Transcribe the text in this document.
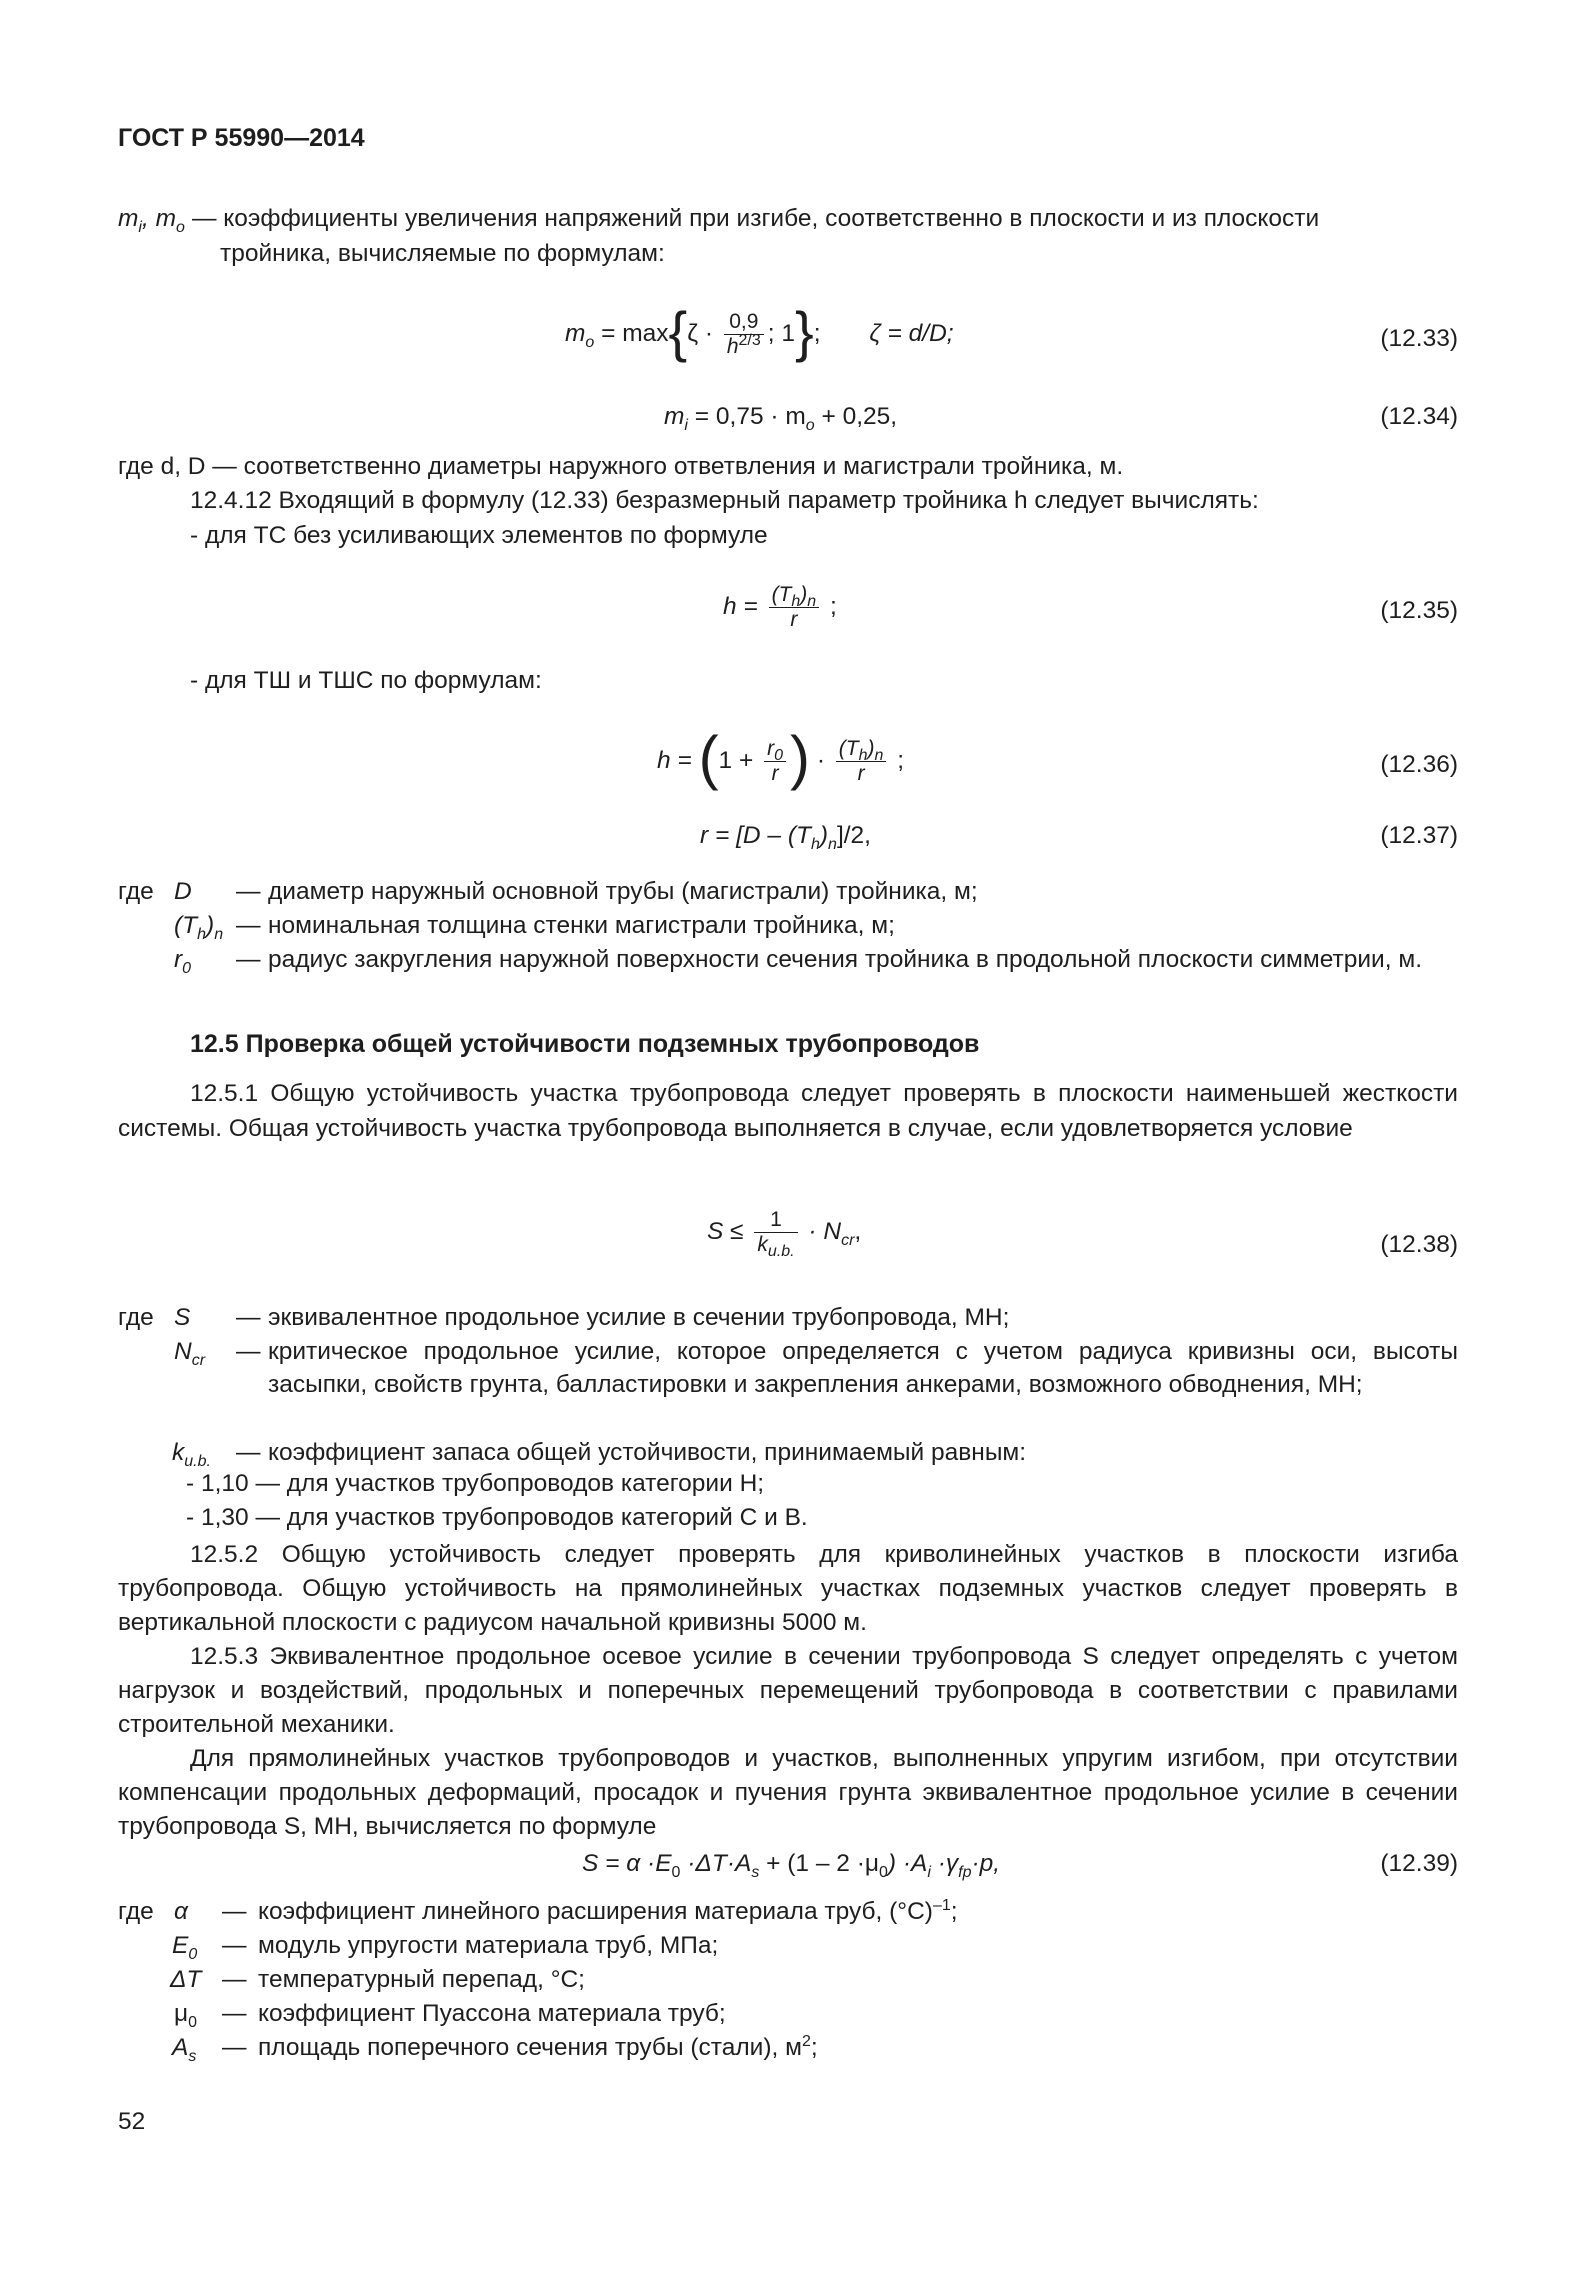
ГОСТ Р 55990—2014
$m_i$, $m_o$ — коэффициенты увеличения напряжений при изгибе, соответственно в плоскости и из плоскости
тройника, вычисляемые по формулам:
$m_o = \max\{\zeta \cdot \frac{0,9}{h^{2/3}}$ ; 1}; ζ = d/D;	(12.33)
$m_i = 0,75 \cdot m_o + 0,25$,	(12.34)
где d, D — соответственно диаметры наружного ответвления и магистрали тройника, м.
12.4.12 Входящий в формулу (12.33) безразмерный параметр тройника h следует вычислять:
- для ТС без усиливающих элементов по формуле
$h = \frac{(T_h)_n}{r}$ ;	(12.35)
- для ТШ и ТШС по формулам:
$h = (1 + \frac{r_0}{r}$ ) · $\frac{(T_h)_n}{r}$ ;	(12.36)
$r = [D - (T_h)_n]/2$,	(12.37)
где D — диаметр наружный основной трубы (магистрали) тройника, м;
$(T_h)_n$ — номинальная толщина стенки магистрали тройника, м;
$r_0$ — радиус закругления наружной поверхности сечения тройника в продольной плоскости симметрии, м.
12.5 Проверка общей устойчивости подземных трубопроводов
12.5.1 Общую устойчивость участка трубопровода следует проверять в плоскости наименьшей жесткости системы. Общая устойчивость участка трубопровода выполняется в случае, если удовлетворяется условие
$S \le \frac{1}{k_{u.b.}} \cdot N_{cr}$,	(12.38)
где S — эквивалентное продольное усилие в сечении трубопровода, МН;
$N_{cr}$ — критическое продольное усилие, которое определяется с учетом радиуса кривизны оси, высоты засыпки, свойств грунта, балластировки и закрепления анкерами, возможного обводнения, МН;
$k_{u.b.}$ — коэффициент запаса общей устойчивости, принимаемый равным:
- 1,10 — для участков трубопроводов категории Н;
- 1,30 — для участков трубопроводов категорий С и В.
12.5.2 Общую устойчивость следует проверять для криволинейных участков в плоскости изгиба трубопровода. Общую устойчивость на прямолинейных участках подземных участков следует проверять в вертикальной плоскости с радиусом начальной кривизны 5000 м.
12.5.3 Эквивалентное продольное осевое усилие в сечении трубопровода S следует определять с учетом нагрузок и воздействий, продольных и поперечных перемещений трубопровода в соответствии с правилами строительной механики.
Для прямолинейных участков трубопроводов и участков, выполненных упругим изгибом, при отсутствии компенсации продольных деформаций, просадок и пучения грунта эквивалентное продольное усилие в сечении трубопровода S, МН, вычисляется по формуле
$S = \alpha \cdot E_0 \cdot\Delta T\cdot A_s + (1 - 2 \cdot\mu_0) \cdot A_i \cdot\gamma_{fp}\cdot p$,	(12.39)
где α — коэффициент линейного расширения материала труб, $(^\circ С)^{-1}$;
$E_0$ — модуль упругости материала труб, МПа;
ΔT — температурный перепад, °С;
$\mu_0$ — коэффициент Пуассона материала труб;
$A_s$ — площадь поперечного сечения трубы (стали), $м^2$;
52
